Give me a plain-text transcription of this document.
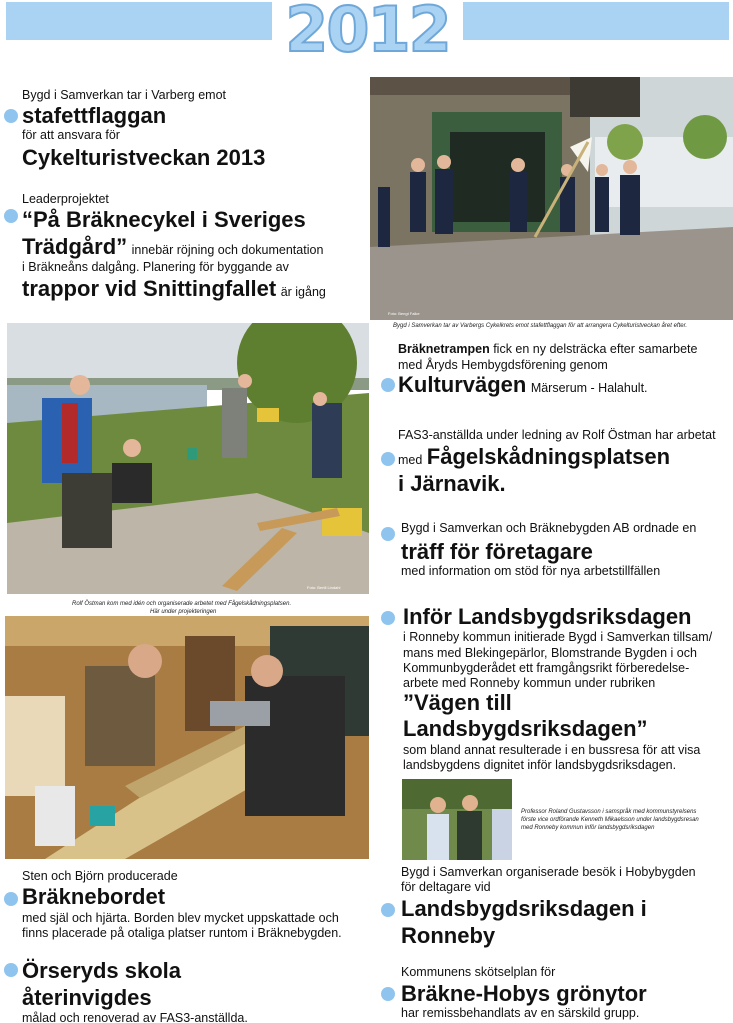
2012
Bygd i Samverkan tar i Varberg emot
stafettflaggan
för att ansvara för
Cykelturistveckan 2013
Leaderprojektet
“På Bräknecykel i Sveriges
Trädgård” innebär röjning och dokumentation
i Bräkneåns dalgång. Planering för byggande av
trappor vid Snittingfallet är igång
Foto: Bengt Falke
Bygd i Samverkan tar av Varbergs Cykelkrets emot stafettflaggan för att arrangera Cykelturistveckan året efter.
Foto: Bertil Lindahl
Rolf Östman kom med idén och organiserade arbetet med Fågelskådningsplatsen.
Här under projekteringen
Sten och Björn producerade
Bräknebordet
med själ och hjärta. Borden blev mycket uppskattade och
finns placerade på otaliga platser runtom i Bräknebygden.
Örseryds skola
återinvigdes
målad och renoverad av FAS3-anställda.
Bräknetrampen fick en ny delsträcka efter samarbete
med Åryds Hembygdsförening genom
Kulturvägen Märserum - Halahult.
FAS3-anställda under ledning av Rolf Östman har arbetat
med Fågelskådningsplatsen
i Järnavik.
Bygd i Samverkan och Bräknebygden AB ordnade en
träff för företagare
med information om stöd för nya arbetstillfällen
Inför Landsbygdsriksdagen
i Ronneby kommun initierade Bygd i Samverkan tillsam/
mans med Blekingepärlor, Blomstrande Bygden i och
Kommunbygderådet ett framgångsrikt förberedelse-
arbete med Ronneby kommun under rubriken
”Vägen till
Landsbygdsriksdagen”
som bland annat resulterade i en bussresa för att visa
landsbygdens dignitet inför landsbygdsriksdagen.
Professor Roland Gustavsson i samspråk med kommunstyrelsens
förste vice ordförande Kenneth Mikaelsson under landsbygdsresan
med Ronneby kommun inför landsbygdsriksdagen
Bygd i Samverkan organiserade besök i Hobybygden
för deltagare vid
Landsbygdsriksdagen i
Ronneby
Kommunens skötselplan för
Bräkne-Hobys grönytor
har remissbehandlats av en särskild grupp.
